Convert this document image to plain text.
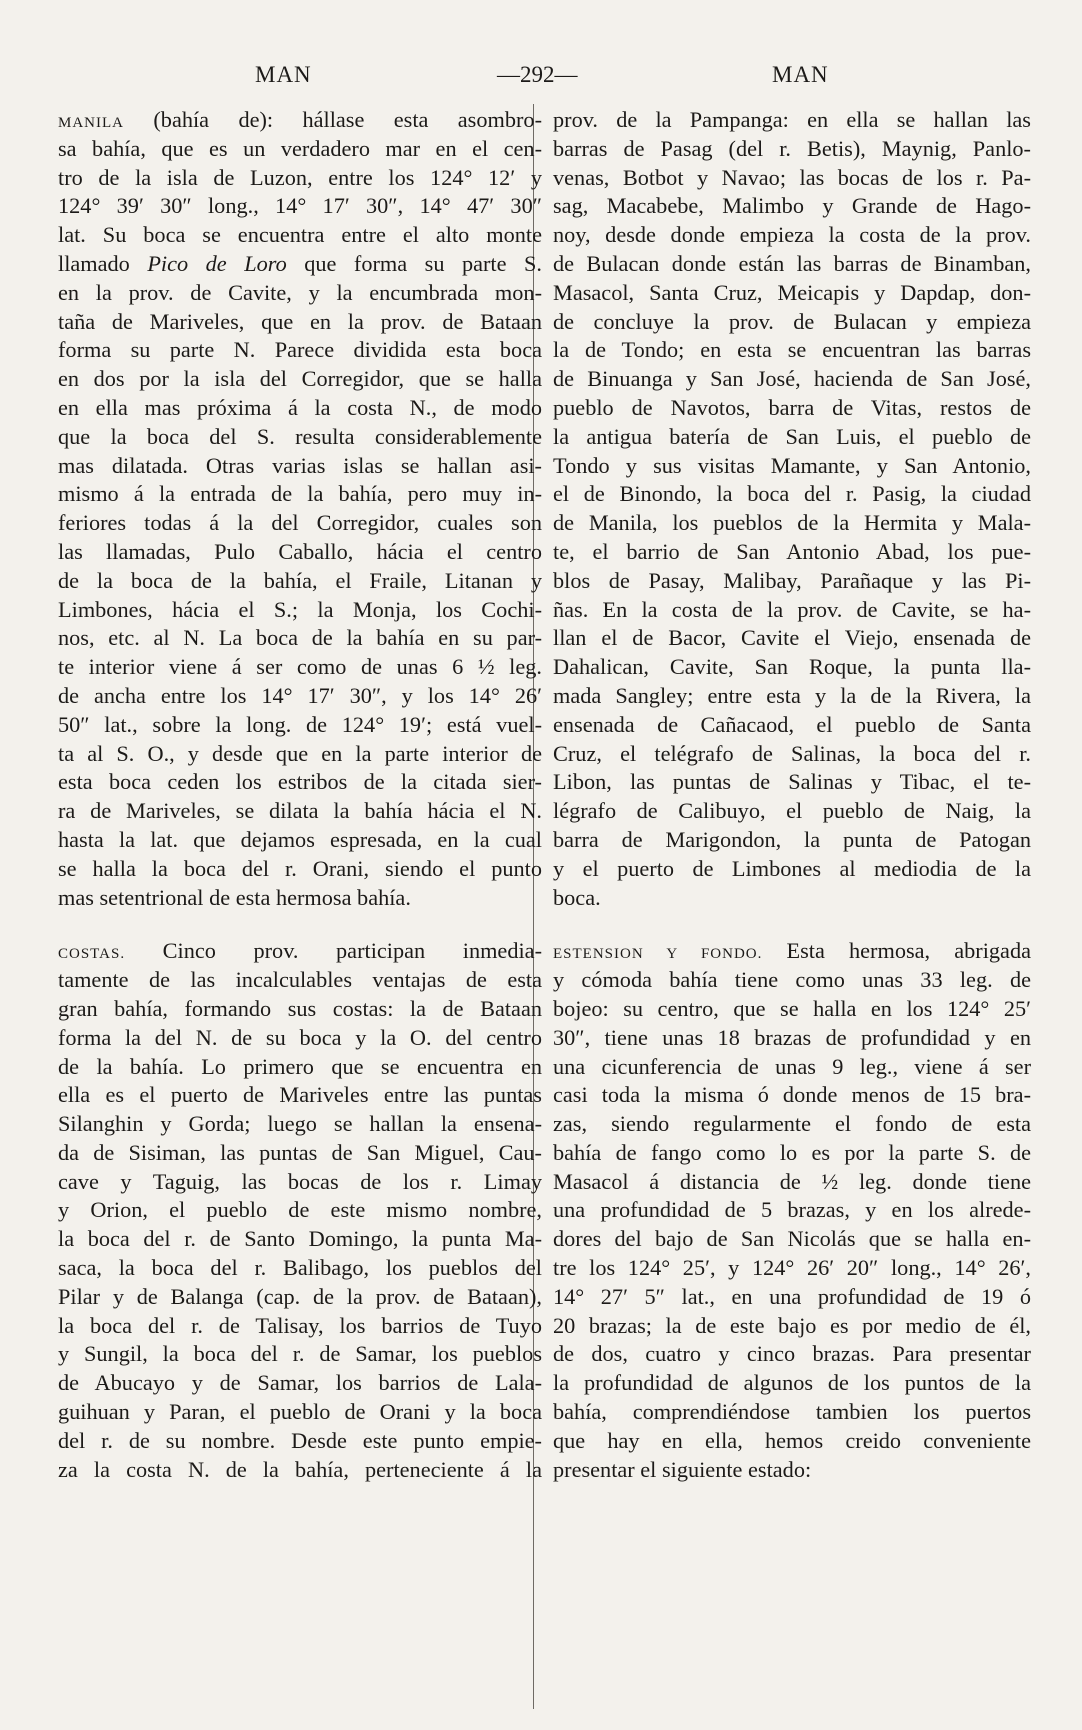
MAN	—292—	MAN
MANILA (bahía de): hállase esta asombro-
sa bahía, que es un verdadero mar en el cen-
tro de la isla de Luzon, entre los 124° 12′ y
124° 39′ 30″ long., 14° 17′ 30″, 14° 47′ 30″
lat. Su boca se encuentra entre el alto monte
llamado Pico de Loro que forma su parte S.
en la prov. de Cavite, y la encumbrada mon-
taña de Mariveles, que en la prov. de Bataan
forma su parte N. Parece dividida esta boca
en dos por la isla del Corregidor, que se halla
en ella mas próxima á la costa N., de modo
que la boca del S. resulta considerablemente
mas dilatada. Otras varias islas se hallan asi-
mismo á la entrada de la bahía, pero muy in-
feriores todas á la del Corregidor, cuales son
las llamadas, Pulo Caballo, hácia el centro
de la boca de la bahía, el Fraile, Litanan y
Limbones, hácia el S.; la Monja, los Cochi-
nos, etc. al N. La boca de la bahía en su par-
te interior viene á ser como de unas 6 ½ leg.
de ancha entre los 14° 17′ 30″, y los 14° 26′
50″ lat., sobre la long. de 124° 19′; está vuel-
ta al S. O., y desde que en la parte interior de
esta boca ceden los estribos de la citada sier-
ra de Mariveles, se dilata la bahía hácia el N.
hasta la lat. que dejamos espresada, en la cual
se halla la boca del r. Orani, siendo el punto
mas setentrional de esta hermosa bahía.
COSTAS. Cinco prov. participan inmedia-
tamente de las incalculables ventajas de esta
gran bahía, formando sus costas: la de Bataan
forma la del N. de su boca y la O. del centro
de la bahía. Lo primero que se encuentra en
ella es el puerto de Mariveles entre las puntas
Silanghin y Gorda; luego se hallan la ensena-
da de Sisiman, las puntas de San Miguel, Cau-
cave y Taguig, las bocas de los r. Limay
y Orion, el pueblo de este mismo nombre,
la boca del r. de Santo Domingo, la punta Ma-
saca, la boca del r. Balibago, los pueblos del
Pilar y de Balanga (cap. de la prov. de Bataan),
la boca del r. de Talisay, los barrios de Tuyo
y Sungil, la boca del r. de Samar, los pueblos
de Abucayo y de Samar, los barrios de Lala-
guihuan y Paran, el pueblo de Orani y la boca
del r. de su nombre. Desde este punto empie-
za la costa N. de la bahía, perteneciente á la
prov. de la Pampanga: en ella se hallan las
barras de Pasag (del r. Betis), Maynig, Panlo-
venas, Botbot y Navao; las bocas de los r. Pa-
sag, Macabebe, Malimbo y Grande de Hago-
noy, desde donde empieza la costa de la prov.
de Bulacan donde están las barras de Binamban,
Masacol, Santa Cruz, Meicapis y Dapdap, don-
de concluye la prov. de Bulacan y empieza
la de Tondo; en esta se encuentran las barras
de Binuanga y San José, hacienda de San José,
pueblo de Navotos, barra de Vitas, restos de
la antigua batería de San Luis, el pueblo de
Tondo y sus visitas Mamante, y San Antonio,
el de Binondo, la boca del r. Pasig, la ciudad
de Manila, los pueblos de la Hermita y Mala-
te, el barrio de San Antonio Abad, los pue-
blos de Pasay, Malibay, Parañaque y las Pi-
ñas. En la costa de la prov. de Cavite, se ha-
llan el de Bacor, Cavite el Viejo, ensenada de
Dahalican, Cavite, San Roque, la punta lla-
mada Sangley; entre esta y la de la Rivera, la
ensenada de Cañacaod, el pueblo de Santa
Cruz, el telégrafo de Salinas, la boca del r.
Libon, las puntas de Salinas y Tibac, el te-
légrafo de Calibuyo, el pueblo de Naig, la
barra de Marigondon, la punta de Patogan
y el puerto de Limbones al mediodia de la
boca.
ESTENSION Y FONDO. Esta hermosa, abrigada
y cómoda bahía tiene como unas 33 leg. de
bojeo: su centro, que se halla en los 124° 25′
30″, tiene unas 18 brazas de profundidad y en
una cicunferencia de unas 9 leg., viene á ser
casi toda la misma ó donde menos de 15 bra-
zas, siendo regularmente el fondo de esta
bahía de fango como lo es por la parte S. de
Masacol á distancia de ½ leg. donde tiene
una profundidad de 5 brazas, y en los alrede-
dores del bajo de San Nicolás que se halla en-
tre los 124° 25′, y 124° 26′ 20″ long., 14° 26′,
14° 27′ 5″ lat., en una profundidad de 19 ó
20 brazas; la de este bajo es por medio de él,
de dos, cuatro y cinco brazas. Para presentar
la profundidad de algunos de los puntos de la
bahía, comprendiéndose tambien los puertos
que hay en ella, hemos creido conveniente
presentar el siguiente estado:
